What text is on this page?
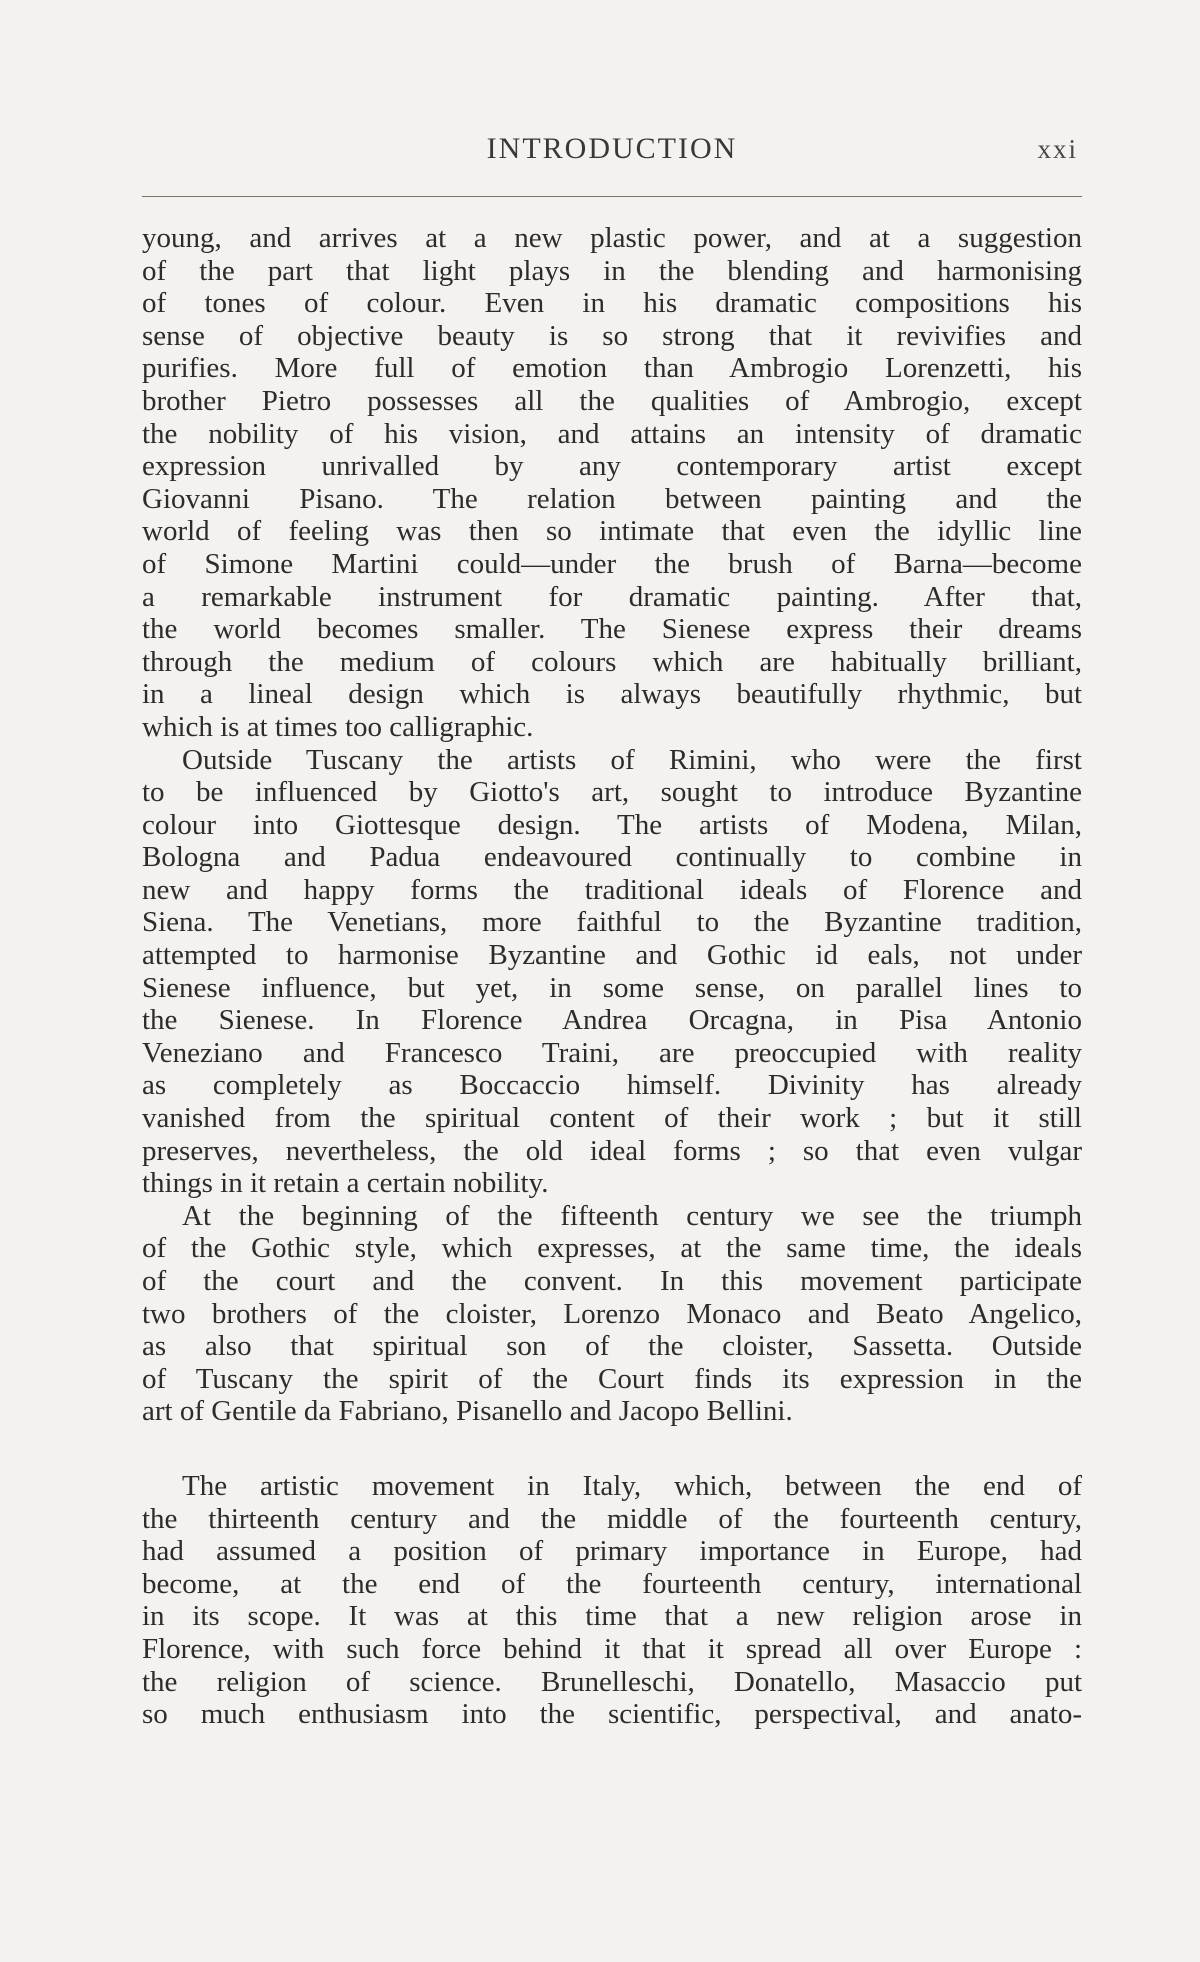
INTRODUCTION	xxi
young, and arrives at a new plastic power, and at a suggestion
of the part that light plays in the blending and harmonising
of tones of colour. Even in his dramatic compositions his
sense of objective beauty is so strong that it revivifies and
purifies. More full of emotion than Ambrogio Lorenzetti, his
brother Pietro possesses all the qualities of Ambrogio, except
the nobility of his vision, and attains an intensity of dramatic
expression unrivalled by any contemporary artist except
Giovanni Pisano. The relation between painting and the
world of feeling was then so intimate that even the idyllic line
of Simone Martini could—under the brush of Barna—become
a remarkable instrument for dramatic painting. After that,
the world becomes smaller. The Sienese express their dreams
through the medium of colours which are habitually brilliant,
in a lineal design which is always beautifully rhythmic, but
which is at times too calligraphic.
Outside Tuscany the artists of Rimini, who were the first
to be influenced by Giotto's art, sought to introduce Byzantine
colour into Giottesque design. The artists of Modena, Milan,
Bologna and Padua endeavoured continually to combine in
new and happy forms the traditional ideals of Florence and
Siena. The Venetians, more faithful to the Byzantine tradition,
attempted to harmonise Byzantine and Gothic id eals, not under
Sienese influence, but yet, in some sense, on parallel lines to
the Sienese. In Florence Andrea Orcagna, in Pisa Antonio
Veneziano and Francesco Traini, are preoccupied with reality
as completely as Boccaccio himself. Divinity has already
vanished from the spiritual content of their work ; but it still
preserves, nevertheless, the old ideal forms ; so that even vulgar
things in it retain a certain nobility.
At the beginning of the fifteenth century we see the triumph
of the Gothic style, which expresses, at the same time, the ideals
of the court and the convent. In this movement participate
two brothers of the cloister, Lorenzo Monaco and Beato Angelico,
as also that spiritual son of the cloister, Sassetta. Outside
of Tuscany the spirit of the Court finds its expression in the
art of Gentile da Fabriano, Pisanello and Jacopo Bellini.
The artistic movement in Italy, which, between the end of
the thirteenth century and the middle of the fourteenth century,
had assumed a position of primary importance in Europe, had
become, at the end of the fourteenth century, international
in its scope. It was at this time that a new religion arose in
Florence, with such force behind it that it spread all over Europe :
the religion of science. Brunelleschi, Donatello, Masaccio put
so much enthusiasm into the scientific, perspectival, and anato-
